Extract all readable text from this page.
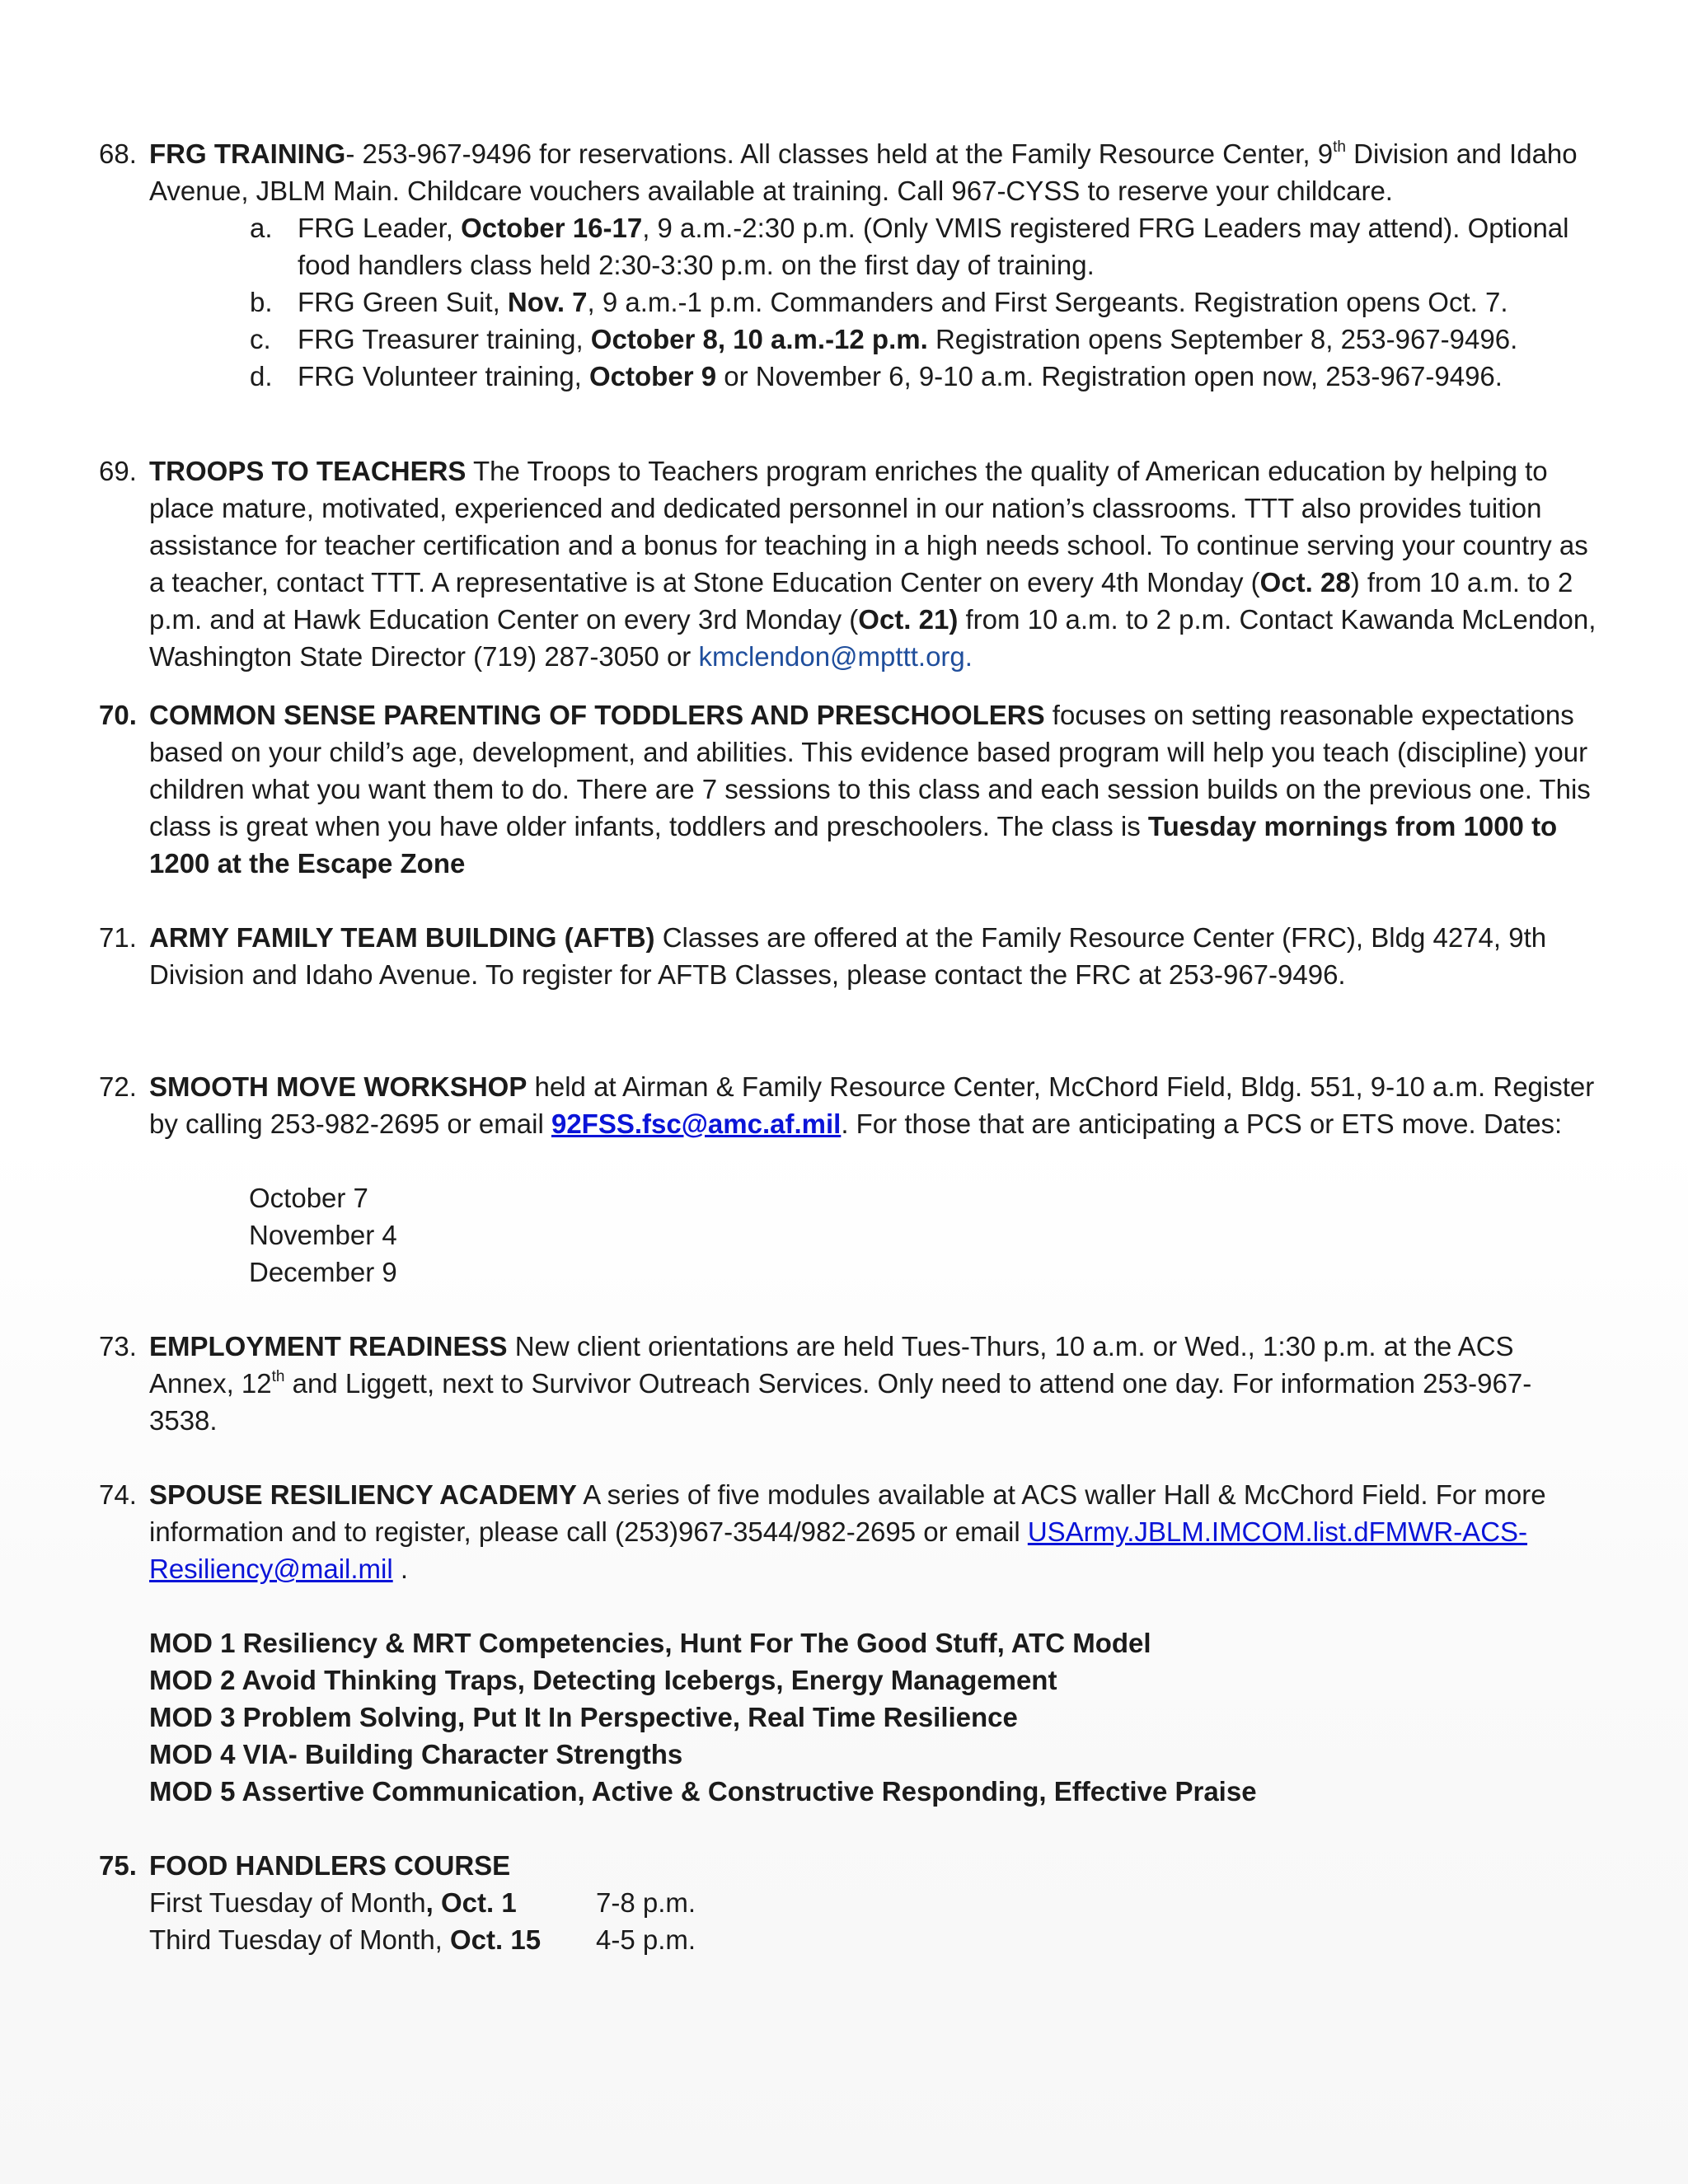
68. FRG TRAINING- 253-967-9496 for reservations. All classes held at the Family Resource Center, 9th Division and Idaho Avenue, JBLM Main. Childcare vouchers available at training. Call 967-CYSS to reserve your childcare.
a. FRG Leader, October 16-17, 9 a.m.-2:30 p.m. (Only VMIS registered FRG Leaders may attend). Optional food handlers class held 2:30-3:30 p.m. on the first day of training.
b. FRG Green Suit, Nov. 7, 9 a.m.-1 p.m. Commanders and First Sergeants. Registration opens Oct. 7.
c. FRG Treasurer training, October 8, 10 a.m.-12 p.m. Registration opens September 8, 253-967-9496.
d. FRG Volunteer training, October 9 or November 6, 9-10 a.m. Registration open now, 253-967-9496.
69. TROOPS TO TEACHERS The Troops to Teachers program enriches the quality of American education by helping to place mature, motivated, experienced and dedicated personnel in our nation’s classrooms. TTT also provides tuition assistance for teacher certification and a bonus for teaching in a high needs school. To continue serving your country as a teacher, contact TTT. A representative is at Stone Education Center on every 4th Monday (Oct. 28) from 10 a.m. to 2 p.m. and at Hawk Education Center on every 3rd Monday (Oct. 21) from 10 a.m. to 2 p.m. Contact Kawanda McLendon, Washington State Director (719) 287-3050 or kmclendon@mpttt.org.
70. COMMON SENSE PARENTING OF TODDLERS AND PRESCHOOLERS focuses on setting reasonable expectations based on your child’s age, development, and abilities. This evidence based program will help you teach (discipline) your children what you want them to do. There are 7 sessions to this class and each session builds on the previous one. This class is great when you have older infants, toddlers and preschoolers. The class is Tuesday mornings from 1000 to 1200 at the Escape Zone
71. ARMY FAMILY TEAM BUILDING (AFTB) Classes are offered at the Family Resource Center (FRC), Bldg 4274, 9th Division and Idaho Avenue. To register for AFTB Classes, please contact the FRC at 253-967-9496.
72. SMOOTH MOVE WORKSHOP held at Airman & Family Resource Center, McChord Field, Bldg. 551, 9-10 a.m. Register by calling 253-982-2695 or email 92FSS.fsc@amc.af.mil. For those that are anticipating a PCS or ETS move. Dates:
October 7
November 4
December 9
73. EMPLOYMENT READINESS New client orientations are held Tues-Thurs, 10 a.m. or Wed., 1:30 p.m. at the ACS Annex, 12th and Liggett, next to Survivor Outreach Services. Only need to attend one day. For information 253-967-3538.
74. SPOUSE RESILIENCY ACADEMY A series of five modules available at ACS waller Hall & McChord Field. For more information and to register, please call (253)967-3544/982-2695 or email USArmy.JBLM.IMCOM.list.dFMWR-ACS-Resiliency@mail.mil .
MOD 1 Resiliency & MRT Competencies, Hunt For The Good Stuff, ATC Model
MOD 2 Avoid Thinking Traps, Detecting Icebergs, Energy Management
MOD 3 Problem Solving, Put It In Perspective, Real Time Resilience
MOD 4 VIA- Building Character Strengths
MOD 5 Assertive Communication, Active & Constructive Responding, Effective Praise
75. FOOD HANDLERS COURSE
First Tuesday of Month, Oct. 1	7-8 p.m.
Third Tuesday of Month, Oct. 15	4-5 p.m.
